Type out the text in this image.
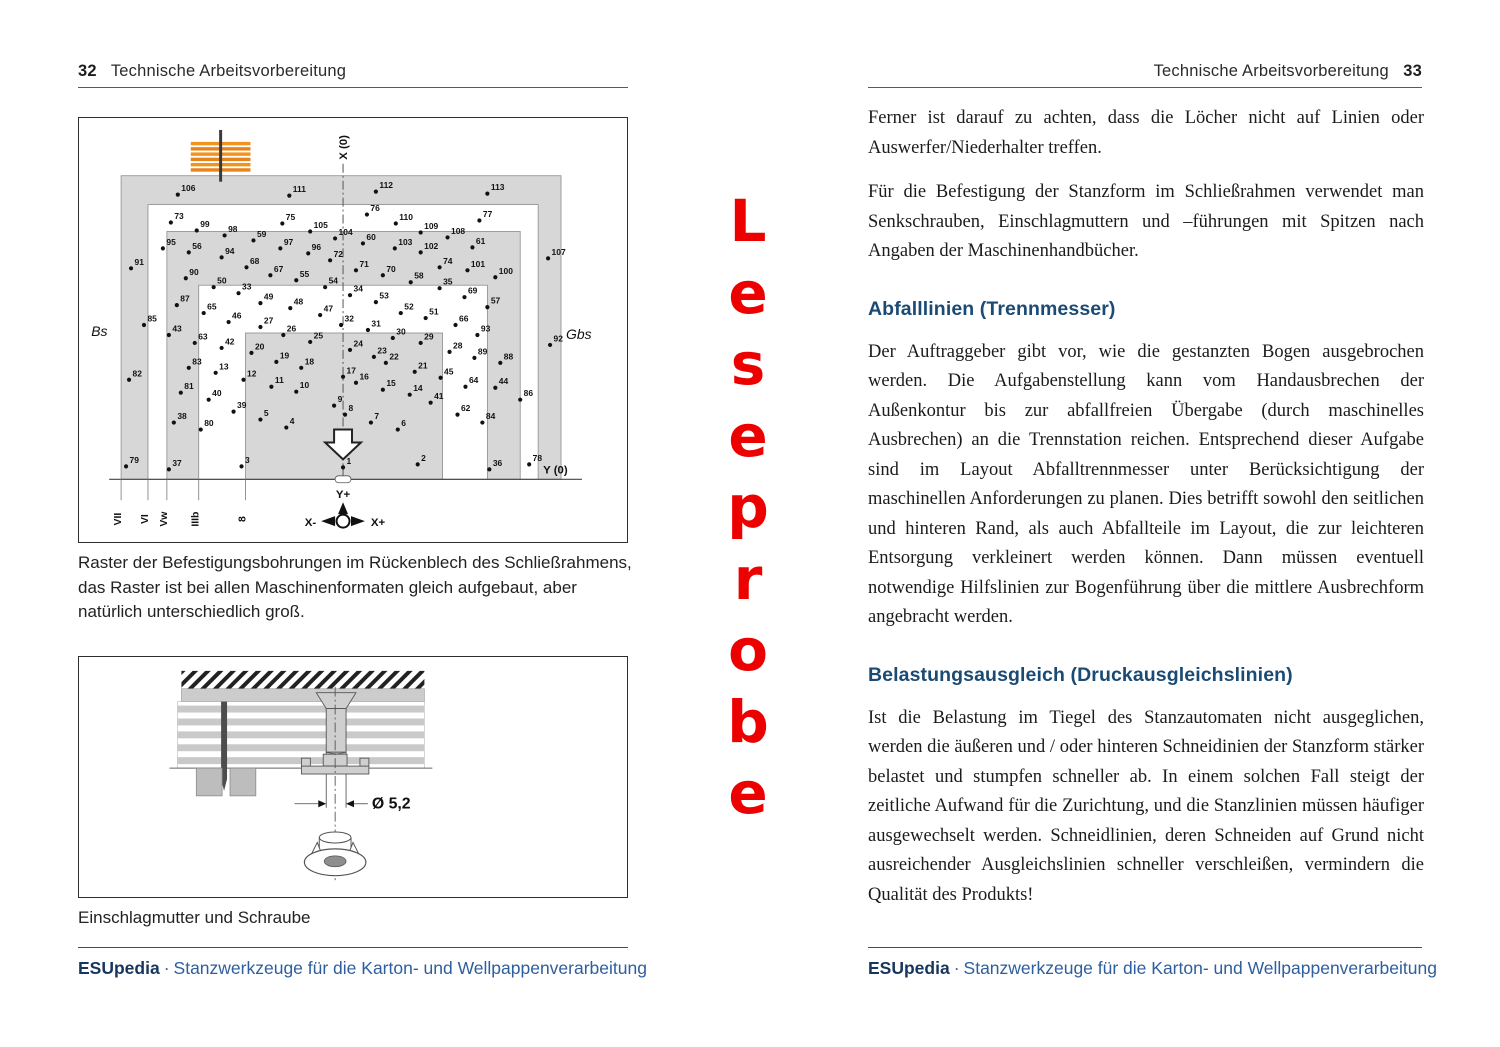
32 Technische Arbeitsvorbereitung
X (0)
Y (0)
Bs	Gbs
VII VI Vw IIIb	8
Y+
X-	X+
106	111	112	113
73
99
75
76
110	77
98	105
104
109 108
59	60	61
95 56	94
97 96	103 102
107
91
90
68
67 55
72
71 70
58
74 101
100
50
33
49 48
54
34
53
52
35
69
57
85
87
65
46	27
26
25
47
32 31
30
51
66
93
43
63 42	24
23
29
28
89 88
92
20
19
18
17
16
22
21
45
64 44
83 13
12
11 10	15 14
82
81
40
39
5
4
9
8
7
6
41
62
84
86
38
80
79	37	3	1	2	36	78
Raster der Befestigungsbohrungen im Rückenblech des Schließrahmens, das Raster ist bei allen Maschinenformaten gleich aufgebaut, aber natürlich unterschiedlich groß.
Ø 5,2
Einschlagmutter und Schraube
ESUpedia · Stanzwerkzeuge für die Karton- und Wellpappenverarbeitung
L
e
s
e
p
r
o
b
e
Technische Arbeitsvorbereitung 33

Ferner ist darauf zu achten, dass die Löcher nicht auf Linien oder Auswerfer/Niederhalter treffen.

Für die Befestigung der Stanzform im Schließrahmen verwendet man Senkschrauben, Einschlagmuttern und –führungen mit Spitzen nach Angaben der Maschinenhandbücher.

Abfalllinien (Trennmesser)

Der Auftraggeber gibt vor, wie die gestanzten Bogen ausgebrochen werden. Die Aufgabenstellung kann vom Handausbrechen der Außenkontur bis zur abfallfreien Übergabe (durch maschinelles Ausbrechen) an die Trennstation reichen. Entsprechend dieser Aufgabe sind im Layout Abfalltrennmesser unter Berücksichtigung der maschinellen Anforderungen zu planen. Dies betrifft sowohl den seitlichen und hinteren Rand, als auch Abfallteile im Layout, die zur leichteren Entsorgung verkleinert werden können. Dann müssen eventuell notwendige Hilfslinien zur Bogenführung über die mittlere Ausbrechform angebracht werden.

Belastungsausgleich (Druckausgleichslinien)

Ist die Belastung im Tiegel des Stanzautomaten nicht ausgeglichen, werden die äußeren und / oder hinteren Schneidinien der Stanzform stärker belastet und stumpfen schneller ab. In einem solchen Fall steigt der zeitliche Aufwand für die Zurichtung, und die Stanzlinien müssen häufiger ausgewechselt werden. Schneidlinien, deren Schneiden auf Grund nicht ausreichender Ausgleichslinien schneller verschleißen, vermindern die Qualität des Produkts!

ESUpedia · Stanzwerkzeuge für die Karton- und Wellpappenverarbeitung
